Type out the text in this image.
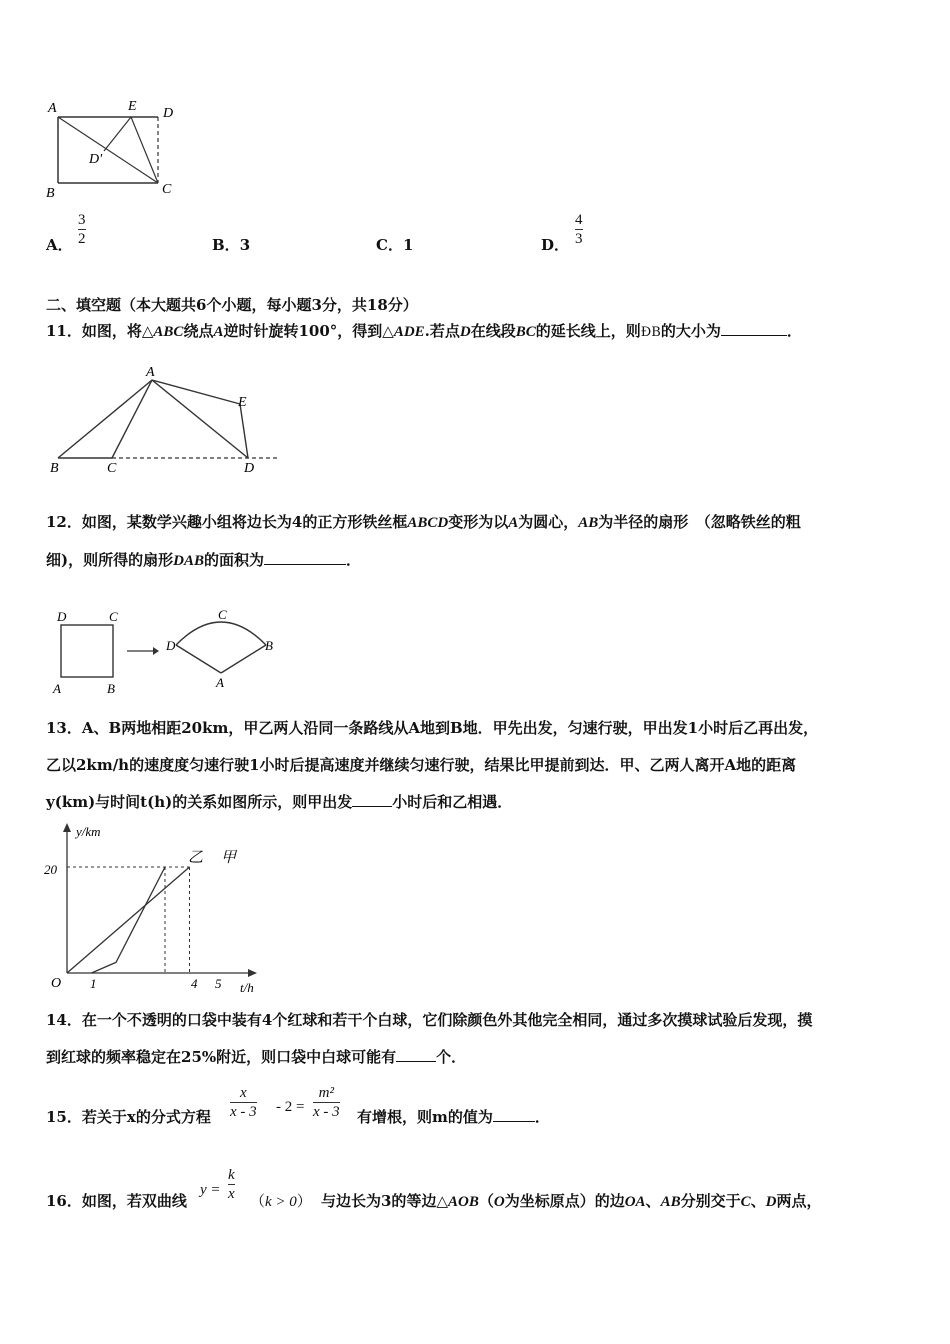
A	E D
D'
B	C
A．
3
2	B．3	C．1	D．
4
3
二、填空题（本大题共6个小题，每小题3分，共18分）
11．如图，将△ABC绕点A逆时针旋转100°，得到△ADE.若点D在线段BC的延长线上，则ÐB的大小为	．
A
B	C	D
E
12．如图，某数学兴趣小组将边长为4的正方形铁丝框ABCD变形为以A为圆心，AB为半径的扇形　（忽略铁丝的粗
细)，则所得的扇形DAB的面积为	．
D	C
A	B
D
C
B
A
13．A、B两地相距20km，甲乙两人沿同一条路线从A地到B地．甲先出发，匀速行驶，甲出发1小时后乙再出发，
乙以2km/h的速度度匀速行驶1小时后提高速度并继续匀速行驶，结果比甲提前到达．甲、乙两人离开A地的距离
y(km)与时间t(h)的关系如图所示，则甲出发	小时后和乙相遇．
y/km
t/h
O
20
1	4 5
乙 甲
14．在一个不透明的口袋中装有4个红球和若干个白球，它们除颜色外其他完全相同，通过多次摸球试验后发现，摸
到红球的频率稳定在25%附近，则口袋中白球可能有	个．
15．若关于x的分式方程
x
x - 3 - 2 =
m²
x - 3 有增根，则m的值为	．
16．如图，若双曲线
y =
k
x （k > 0） 与边长为3的等边△AOB（O为坐标原点）的边OA、AB分别交于C、D两点，
